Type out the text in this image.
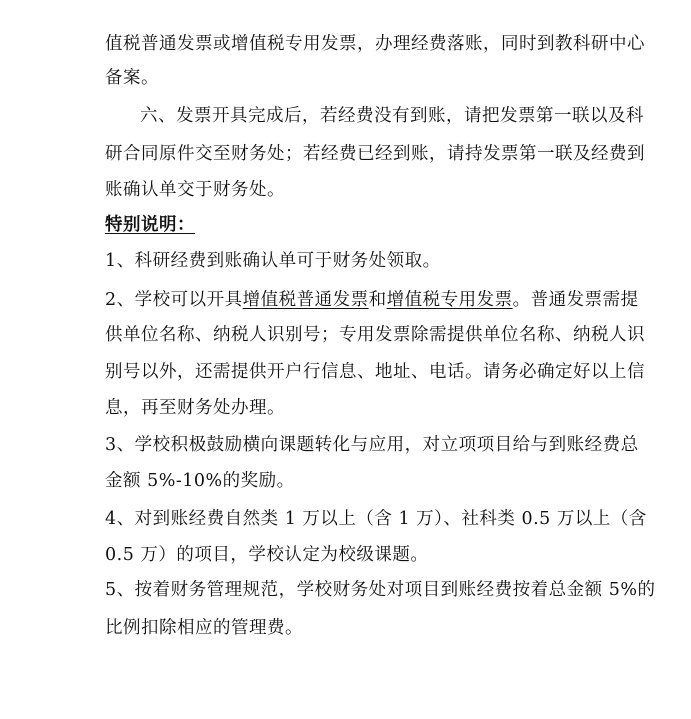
值税普通发票或增值税专用发票，办理经费落账，同时到教科研中心
备案。
六、发票开具完成后，若经费没有到账，请把发票第一联以及科
研合同原件交至财务处；若经费已经到账，请持发票第一联及经费到
账确认单交于财务处。
特别说明：
1、科研经费到账确认单可于财务处领取。
2、学校可以开具增值税普通发票和增值税专用发票。普通发票需提
供单位名称、纳税人识别号；专用发票除需提供单位名称、纳税人识
别号以外，还需提供开户行信息、地址、电话。请务必确定好以上信
息，再至财务处办理。
3、学校积极鼓励横向课题转化与应用，对立项项目给与到账经费总
金额 5%-10%的奖励。
4、对到账经费自然类 1 万以上（含 1 万）、社科类 0.5 万以上（含
0.5 万）的项目，学校认定为校级课题。
5、按着财务管理规范，学校财务处对项目到账经费按着总金额 5%的
比例扣除相应的管理费。
